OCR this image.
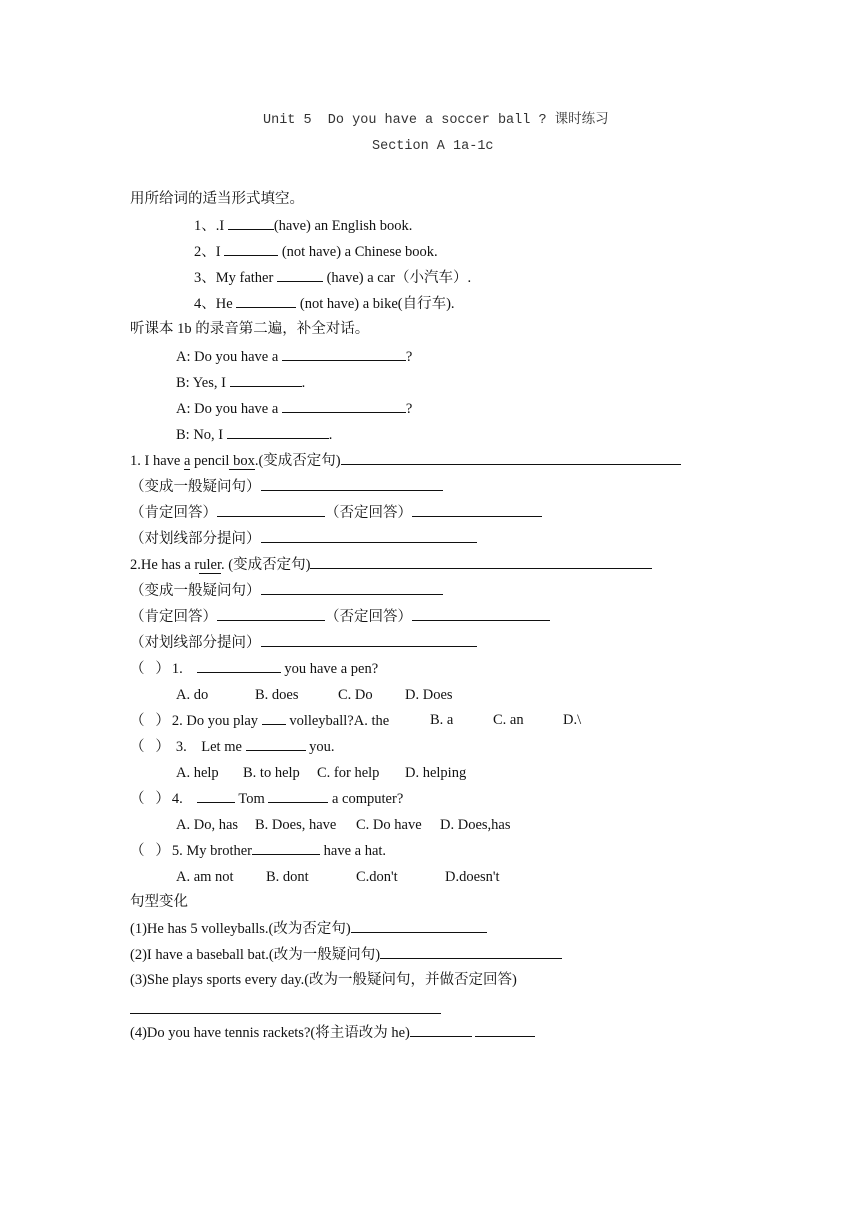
Unit 5  Do you have a soccer ball ? 课时练习
Section A 1a-1c
用所给词的适当形式填空。
1、.I	(have) an English book.
2、I	(not have) a Chinese book.
3、My father	(have) a car（小汽车）.
4、He	(not have) a bike(自行车).
听课本 1b 的录音第二遍，补全对话。
A: Do you have a	?
B: Yes, I	.
A: Do you have a	?
B: No, I	.
1. I have a pencil box.(变成否定句)
（变成一般疑问句）
（肯定回答）	（否定回答）
（对划线部分提问）
2.He has a ruler. (变成否定句)
（变成一般疑问句）
（肯定回答）	（否定回答）
（对划线部分提问）
（   ） 1.	you have a pen?
A. do	B. does	C. Do D. Does
（   ） 2. Do you play  volleyball?A. the	B. a	C. an	D.\
（   ） 3.    Let me	you.
A. help B. to help C. for help D. helping
（   ） 4.	Tom	a computer?
A. Do, has B. Does, have C. Do have D. Does,has
（   ） 5. My brother	have a hat.
A. am not B. dont	C.don't	D.doesn't
句型变化
(1)He has 5 volleyballs.(改为否定句)
(2)I have a baseball bat.(改为一般疑问句)
(3)She plays sports every day.(改为一般疑问句，并做否定回答)
(4)Do you have tennis rackets?(将主语改为 he)
